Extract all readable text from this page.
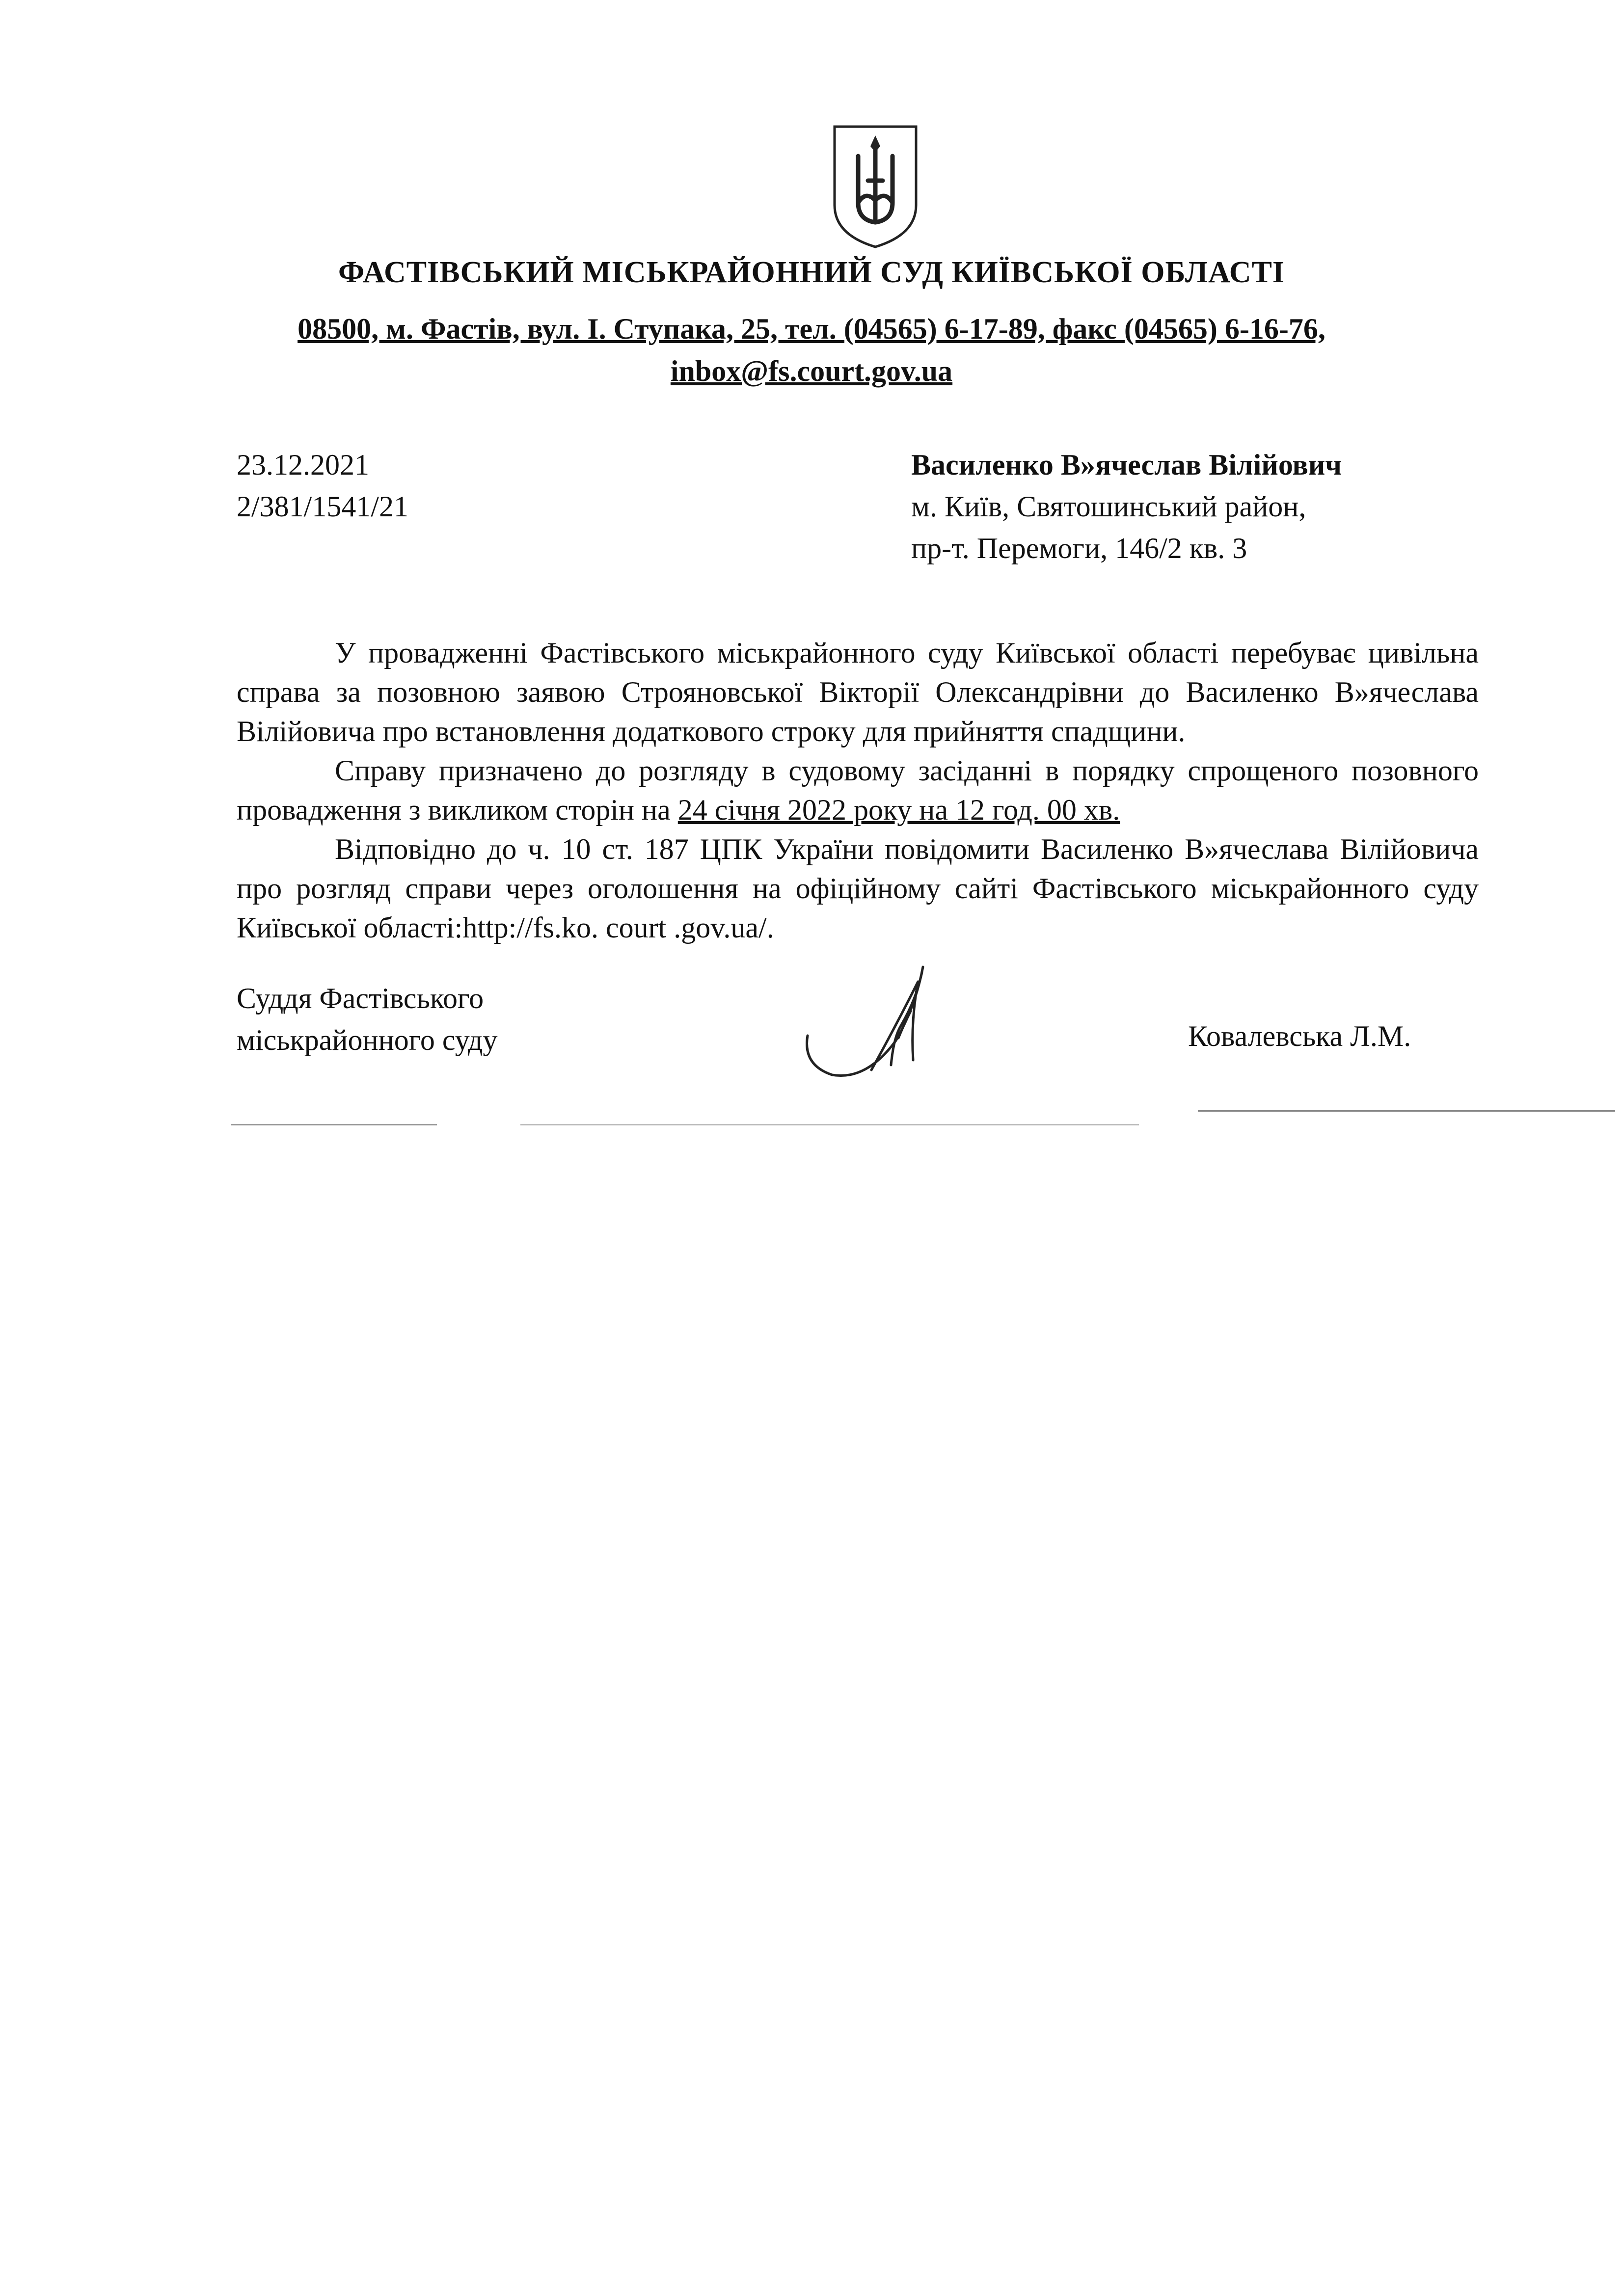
ФАСТІВСЬКИЙ МІСЬКРАЙОННИЙ СУД КИЇВСЬКОЇ ОБЛАСТІ
08500, м. Фастів, вул. І. Ступака, 25, тел. (04565) 6-17-89, факс (04565) 6-16-76,
inbox@fs.court.gov.ua
23.12.2021
2/381/1541/21
Василенко В»ячеслав Вілійович
м. Київ, Святошинський район,
пр-т. Перемоги, 146/2 кв. 3

У провадженні Фастівського міськрайонного суду Київської області перебуває цивільна справа за позовною заявою Строяновської Вікторії Олександрівни до Василенко В»ячеслава Вілійовича про встановлення додаткового строку для прийняття спадщини.

Справу призначено до розгляду в судовому засіданні в порядку спрощеного позовного провадження з викликом сторін на 24 січня 2022 року на 12 год. 00 хв.

Відповідно до ч. 10 ст. 187 ЦПК України повідомити Василенко В»ячеслава Вілійовича про розгляд справи через оголошення на офіційному сайті Фастівського міськрайонного суду Київської області:http://fs.ko. court .gov.ua/.

Суддя Фастівського
міськрайонного суду	Ковалевська Л.М.
